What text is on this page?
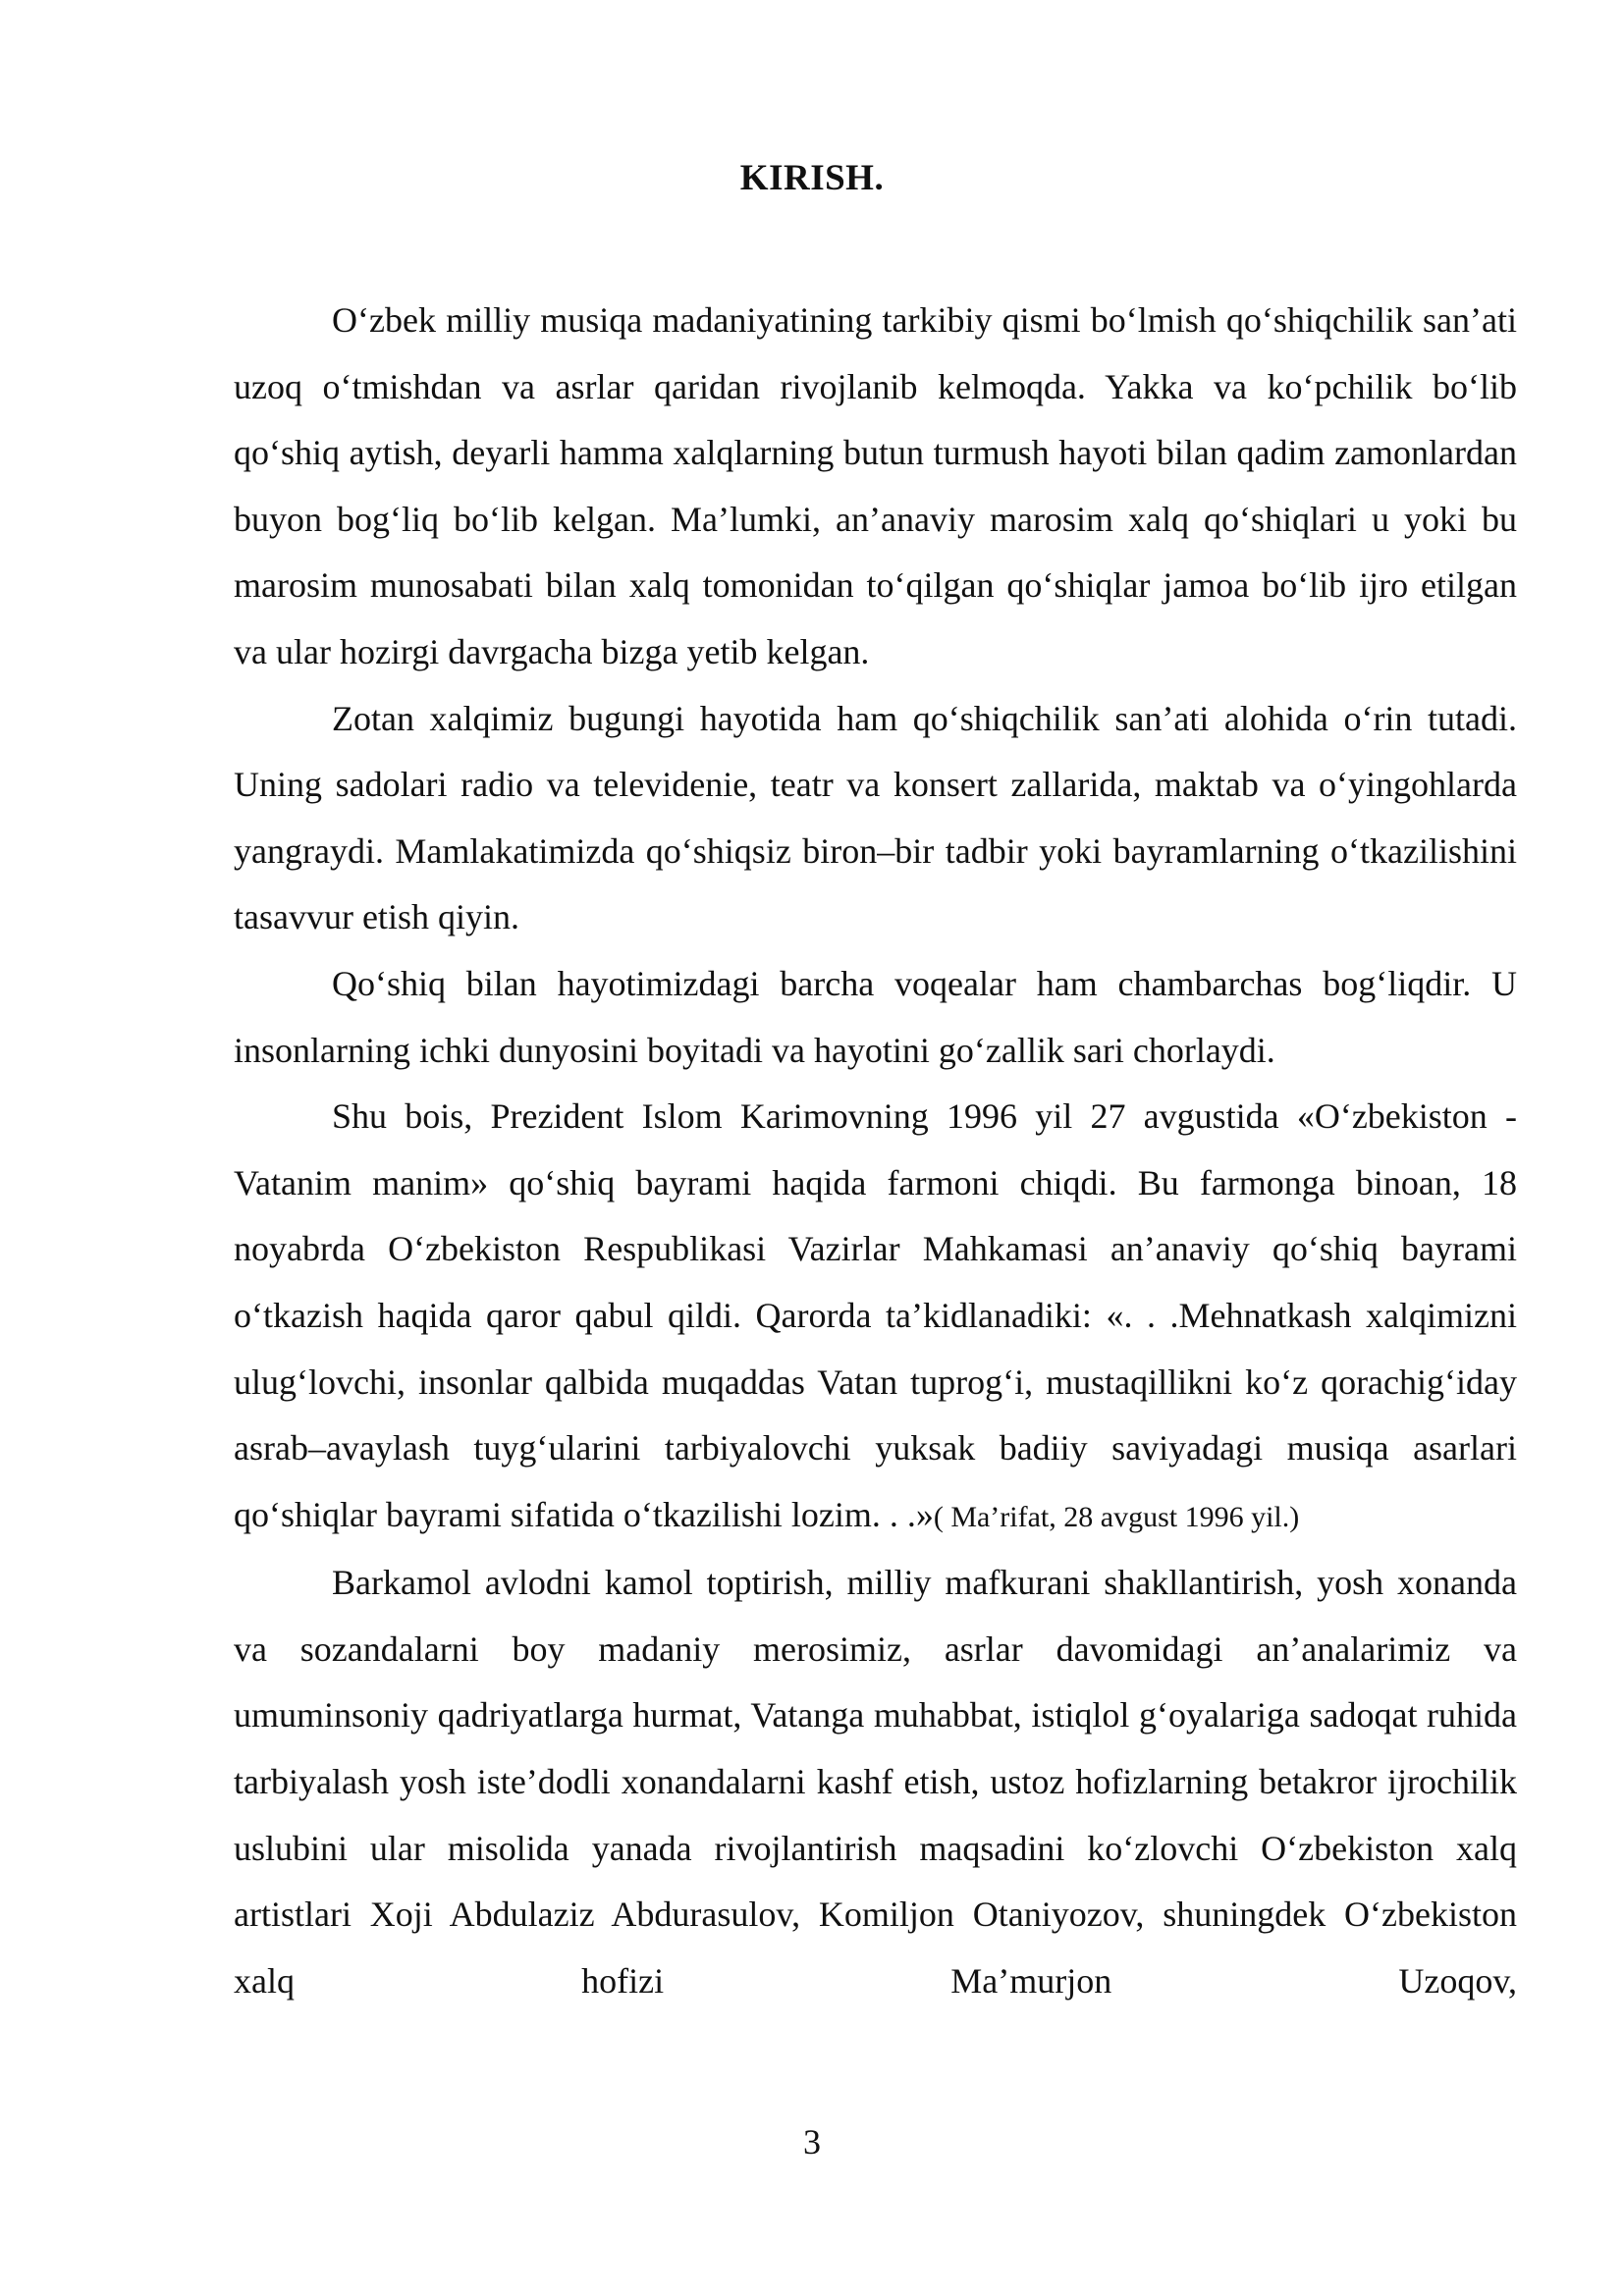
KIRISH.

O‘zbek milliy musiqa madaniyatining tarkibiy qismi bo‘lmish qo‘shiqchilik san’ati uzoq o‘tmishdan va asrlar qaridan rivojlanib kelmoqda. Yakka va ko‘pchilik bo‘lib qo‘shiq aytish, deyarli hamma xalqlarning butun turmush hayoti bilan qadim zamonlardan buyon bog‘liq bo‘lib kelgan. Ma’lumki, an’anaviy marosim xalq qo‘shiqlari u yoki bu marosim munosabati bilan xalq tomonidan to‘qilgan qo‘shiqlar jamoa bo‘lib ijro etilgan va ular hozirgi davrgacha bizga yetib kelgan.

Zotan xalqimiz bugungi hayotida ham qo‘shiqchilik san’ati alohida o‘rin tutadi. Uning sadolari radio va televidenie, teatr va konsert zallarida, maktab va o‘yingohlarda yangraydi. Mamlakatimizda qo‘shiqsiz biron–bir tadbir yoki bayramlarning o‘tkazilishini tasavvur etish qiyin.

Qo‘shiq bilan hayotimizdagi barcha voqealar ham chambarchas bog‘liqdir. U insonlarning ichki dunyosini boyitadi va hayotini go‘zallik sari chorlaydi.

Shu bois, Prezident Islom Karimovning 1996 yil 27 avgustida «O‘zbekiston - Vatanim manim» qo‘shiq bayrami haqida farmoni chiqdi. Bu farmonga binoan, 18 noyabrda O‘zbekiston Respublikasi Vazirlar Mahkamasi an’anaviy qo‘shiq bayrami o‘tkazish haqida qaror qabul qildi. Qarorda ta’kidlanadiki: «. . .Mehnatkash xalqimizni ulug‘lovchi, insonlar qalbida muqaddas Vatan tuprog‘i, mustaqillikni ko‘z qorachig‘iday asrab–avaylash tuyg‘ularini tarbiyalovchi yuksak badiiy saviyadagi musiqa asarlari qo‘shiqlar bayrami sifatida o‘tkazilishi lozim. . .»( Ma’rifat, 28 avgust 1996 yil.)

Barkamol avlodni kamol toptirish, milliy mafkurani shakllantirish, yosh xonanda va sozandalarni boy madaniy merosimiz, asrlar davomidagi an’analarimiz va umuminsoniy qadriyatlarga hurmat, Vatanga muhabbat, istiqlol g‘oyalariga sadoqat ruhida tarbiyalash yosh iste’dodli xonandalarni kashf etish, ustoz hofizlarning betakror ijrochilik uslubini ular misolida yanada rivojlantirish maqsadini ko‘zlovchi O‘zbekiston xalq artistlari Xoji Abdulaziz Abdurasulov, Komiljon Otaniyozov, shuningdek O‘zbekiston xalq hofizi Ma’murjon Uzoqov,

3
